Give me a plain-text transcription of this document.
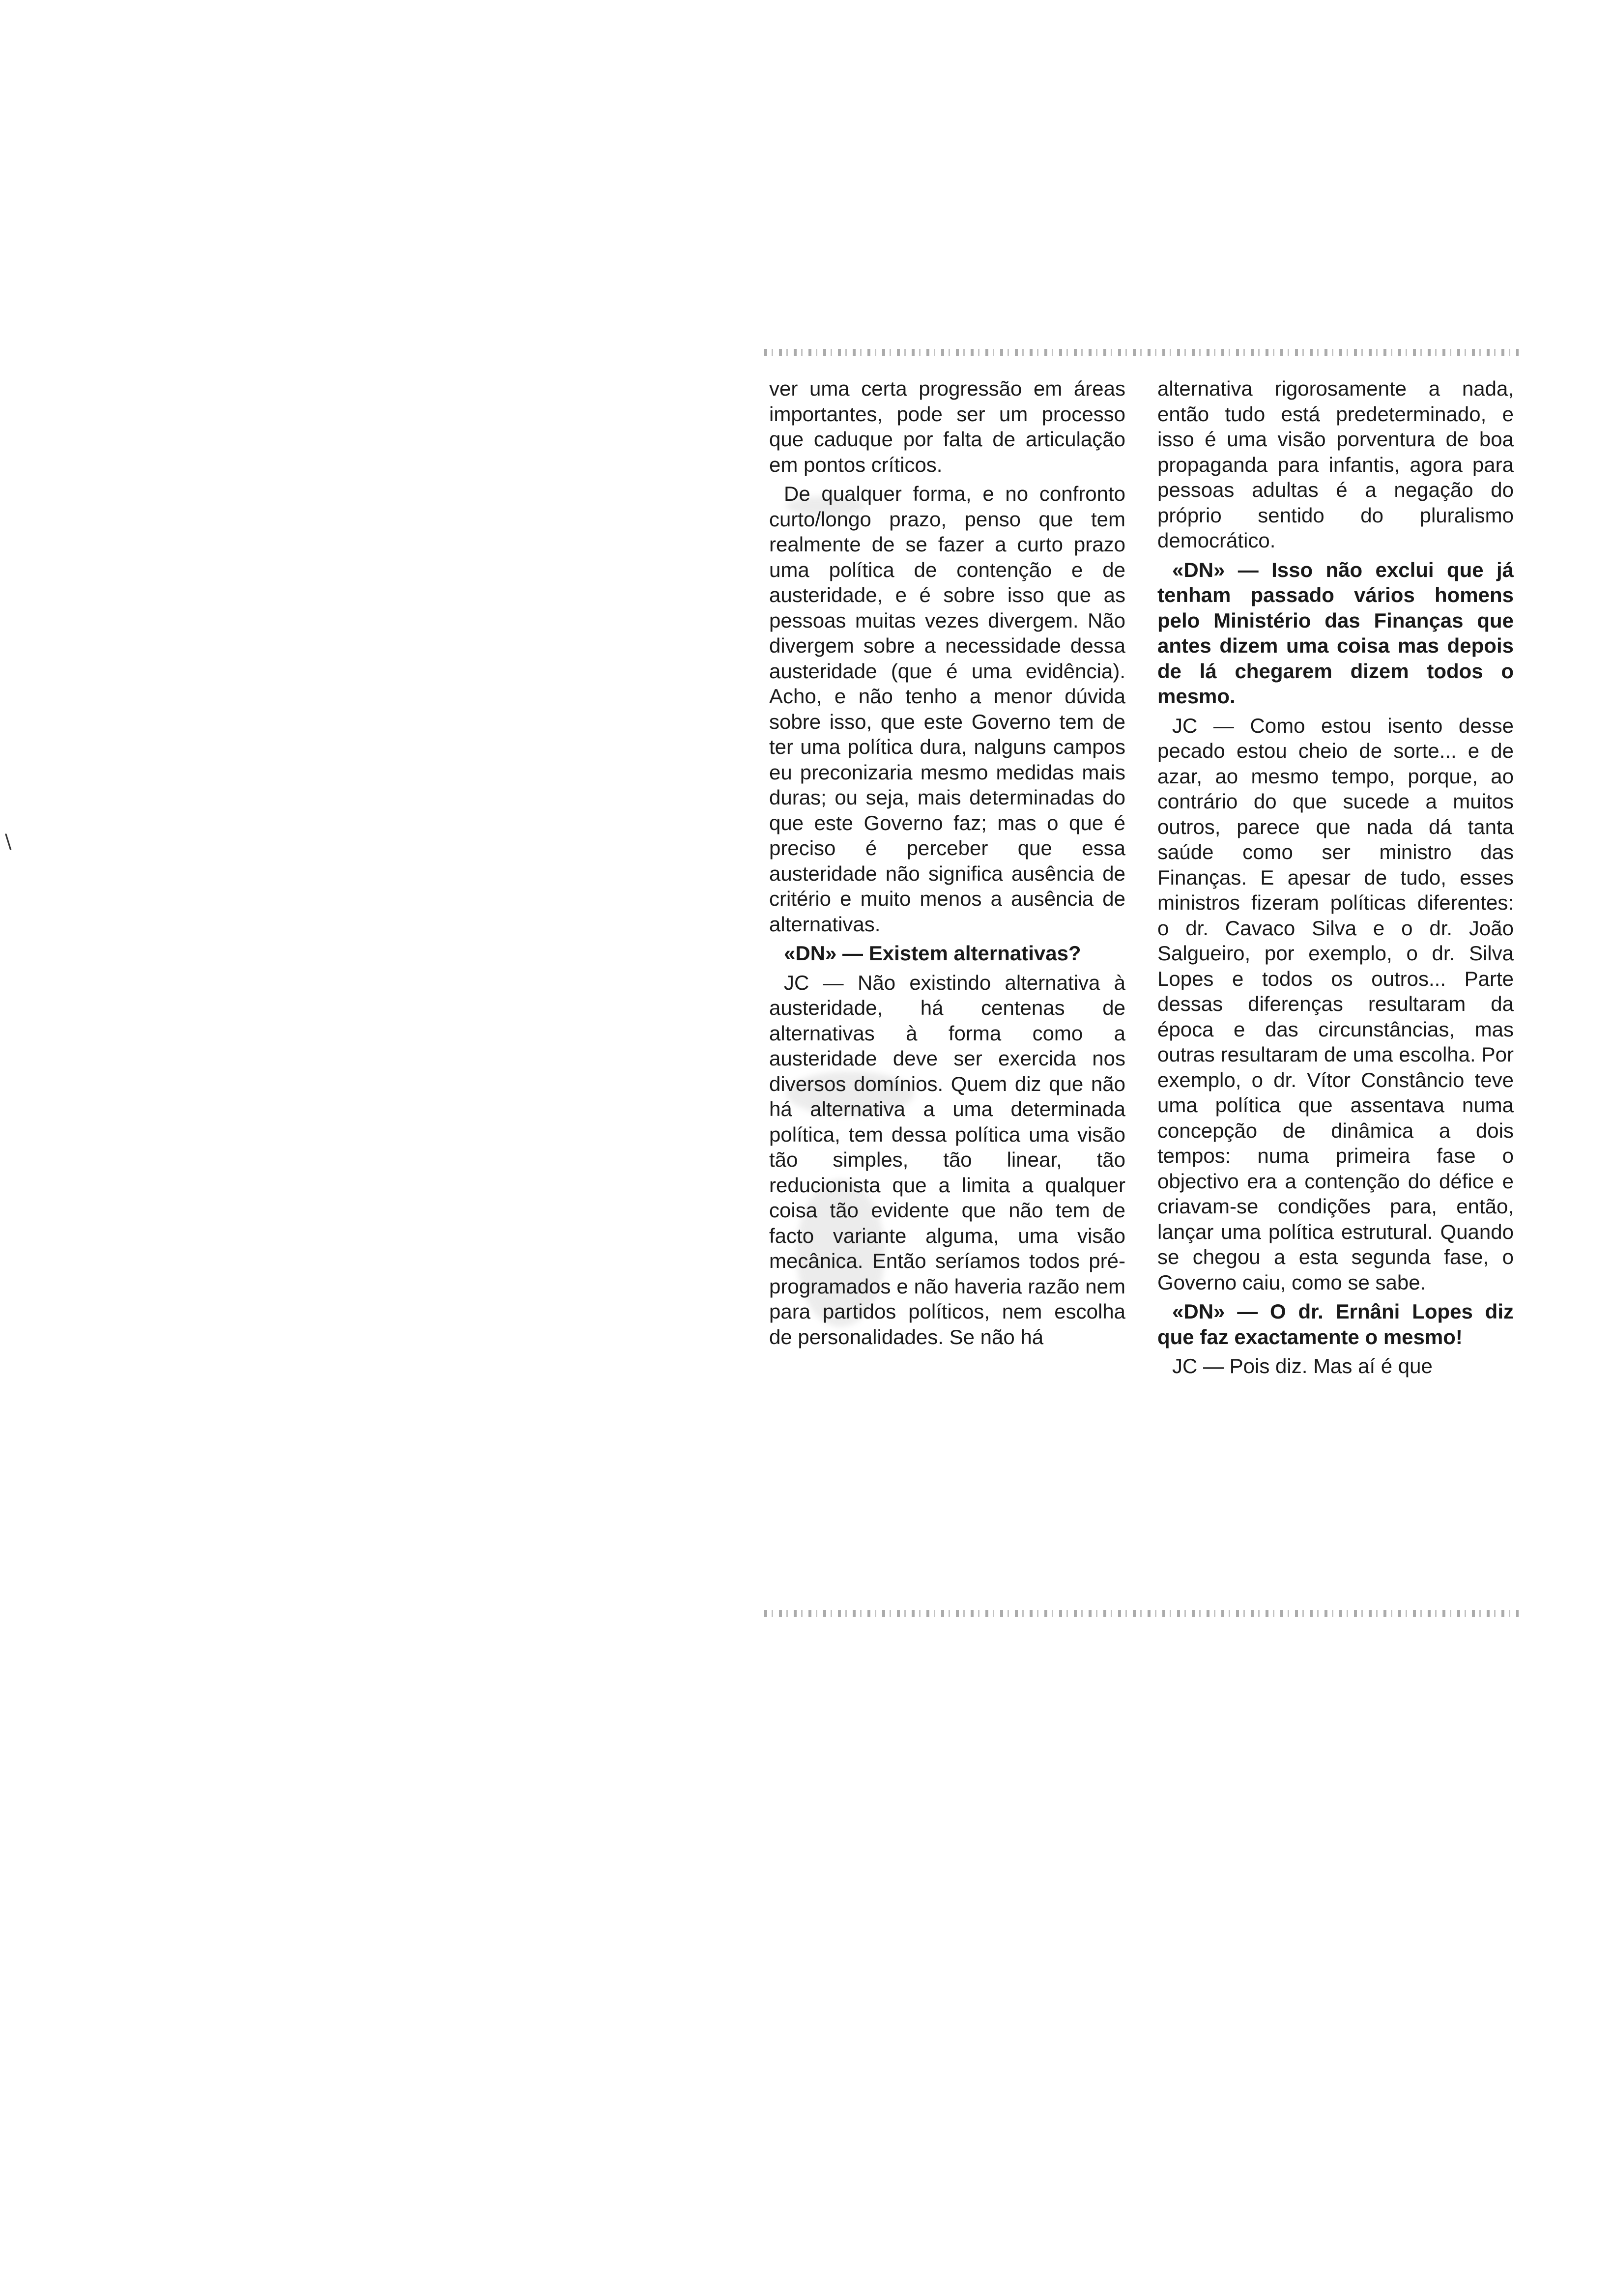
\

ver uma certa progressão em áreas importantes, pode ser um processo que caduque por falta de articulação em pontos críticos.

De qualquer forma, e no confronto curto/longo prazo, penso que tem realmente de se fazer a curto prazo uma política de contenção e de austeridade, e é sobre isso que as pessoas muitas vezes divergem. Não divergem sobre a necessidade dessa austeridade (que é uma evidência). Acho, e não tenho a menor dúvida sobre isso, que este Governo tem de ter uma política dura, nalguns campos eu preconizaria mesmo medidas mais duras; ou seja, mais determinadas do que este Governo faz; mas o que é preciso é perceber que essa austeridade não significa ausência de critério e muito menos a ausência de alternativas.

«DN» — Existem alternativas?

JC — Não existindo alternativa à austeridade, há centenas de alternativas à forma como a austeridade deve ser exercida nos diversos domínios. Quem diz que não há alternativa a uma determinada política, tem dessa política uma visão tão simples, tão linear, tão reducionista que a limita a qualquer coisa tão evidente que não tem de facto variante alguma, uma visão mecânica. Então seríamos todos pré-programados e não haveria razão nem para partidos políticos, nem escolha de personalidades. Se não há

alternativa rigorosamente a nada, então tudo está predeterminado, e isso é uma visão porventura de boa propaganda para infantis, agora para pessoas adultas é a negação do próprio sentido do pluralismo democrático.

«DN» — Isso não exclui que já tenham passado vários homens pelo Ministério das Finanças que antes dizem uma coisa mas depois de lá chegarem dizem todos o mesmo.

JC — Como estou isento desse pecado estou cheio de sorte... e de azar, ao mesmo tempo, porque, ao contrário do que sucede a muitos outros, parece que nada dá tanta saúde como ser ministro das Finanças. E apesar de tudo, esses ministros fizeram políticas diferentes: o dr. Cavaco Silva e o dr. João Salgueiro, por exemplo, o dr. Silva Lopes e todos os outros... Parte dessas diferenças resultaram da época e das circunstâncias, mas outras resultaram de uma escolha. Por exemplo, o dr. Vítor Constâncio teve uma política que assentava numa concepção de dinâmica a dois tempos: numa primeira fase o objectivo era a contenção do défice e criavam-se condições para, então, lançar uma política estrutural. Quando se chegou a esta segunda fase, o Governo caiu, como se sabe.

«DN» — O dr. Ernâni Lopes diz que faz exactamente o mesmo!

JC — Pois diz. Mas aí é que
